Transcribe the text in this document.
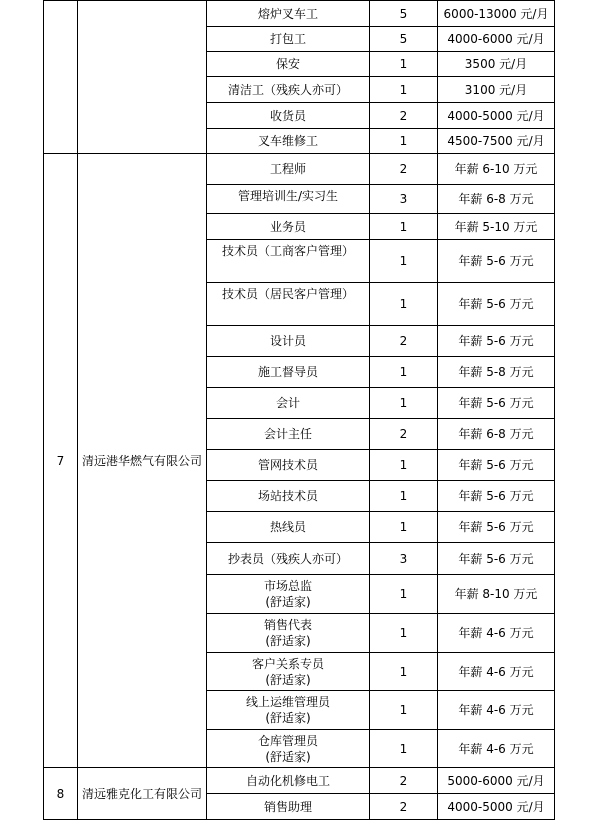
		熔炉叉车工	5	6000-13000 元/月

		打包工	5	4000-6000 元/月

		保安	1	3500 元/月

		清洁工（残疾人亦可）	1	3100 元/月

		收货员	2	4000-5000 元/月

		叉车维修工	1	4500-7500 元/月
7	清远港华燃气有限公司	工程师	2	年薪 6-10 万元

		管理培训生/实习生	3	年薪 6-8 万元

		业务员	1	年薪 5-10 万元

		技术员（工商客户管理）	1	年薪 5-6 万元

		技术员（居民客户管理）	1	年薪 5-6 万元

		设计员	2	年薪 5-6 万元

		施工督导员	1	年薪 5-8 万元

		会计	1	年薪 5-6 万元

		会计主任	2	年薪 6-8 万元

		管网技术员	1	年薪 5-6 万元

		场站技术员	1	年薪 5-6 万元

		热线员	1	年薪 5-6 万元

		抄表员（残疾人亦可）	3	年薪 5-6 万元

		市场总监
(舒适家)	1	年薪 8-10 万元

		销售代表
(舒适家)	1	年薪 4-6 万元

		客户关系专员
(舒适家)	1	年薪 4-6 万元

		线上运维管理员
(舒适家)	1	年薪 4-6 万元

		仓库管理员
(舒适家)	1	年薪 4-6 万元
8	清远雅克化工有限公司	自动化机修电工	2	5000-6000 元/月

		销售助理	2	4000-5000 元/月
